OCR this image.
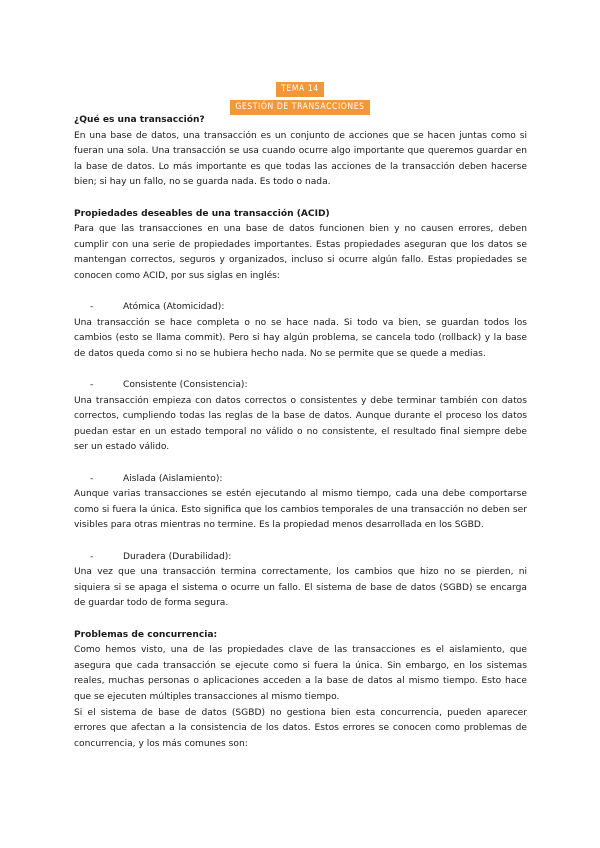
TEMA 14
GESTIÓN DE TRANSACCIONES

¿Qué es una transacción?

En una base de datos, una transacción es un conjunto de acciones que se hacen juntas como si fueran una sola. Una transacción se usa cuando ocurre algo importante que queremos guardar en la base de datos. Lo más importante es que todas las acciones de la transacción deben hacerse bien; si hay un fallo, no se guarda nada. Es todo o nada.

Propiedades deseables de una transacción (ACID)

Para que las transacciones en una base de datos funcionen bien y no causen errores, deben cumplir con una serie de propiedades importantes. Estas propiedades aseguran que los datos se mantengan correctos, seguros y organizados, incluso si ocurre algún fallo. Estas propiedades se conocen como ACID, por sus siglas en inglés:

-	Atómica (Atomicidad):

Una transacción se hace completa o no se hace nada. Si todo va bien, se guardan todos los cambios (esto se llama commit). Pero si hay algún problema, se cancela todo (rollback) y la base de datos queda como si no se hubiera hecho nada. No se permite que se quede a medias.

-	Consistente (Consistencia):

Una transacción empieza con datos correctos o consistentes y debe terminar también con datos correctos, cumpliendo todas las reglas de la base de datos. Aunque durante el proceso los datos puedan estar en un estado temporal no válido o no consistente, el resultado final siempre debe ser un estado válido.

-	Aislada (Aislamiento):

Aunque varias transacciones se estén ejecutando al mismo tiempo, cada una debe comportarse como si fuera la única. Esto significa que los cambios temporales de una transacción no deben ser visibles para otras mientras no termine. Es la propiedad menos desarrollada en los SGBD.

-	Duradera (Durabilidad):

Una vez que una transacción termina correctamente, los cambios que hizo no se pierden, ni siquiera si se apaga el sistema o ocurre un fallo. El sistema de base de datos (SGBD) se encarga de guardar todo de forma segura.

Problemas de concurrencia:

Como hemos visto, una de las propiedades clave de las transacciones es el aislamiento, que asegura que cada transacción se ejecute como si fuera la única. Sin embargo, en los sistemas reales, muchas personas o aplicaciones acceden a la base de datos al mismo tiempo. Esto hace que se ejecuten múltiples transacciones al mismo tiempo.

Si el sistema de base de datos (SGBD) no gestiona bien esta concurrencia, pueden aparecer errores que afectan a la consistencia de los datos. Estos errores se conocen como problemas de concurrencia, y los más comunes son:
